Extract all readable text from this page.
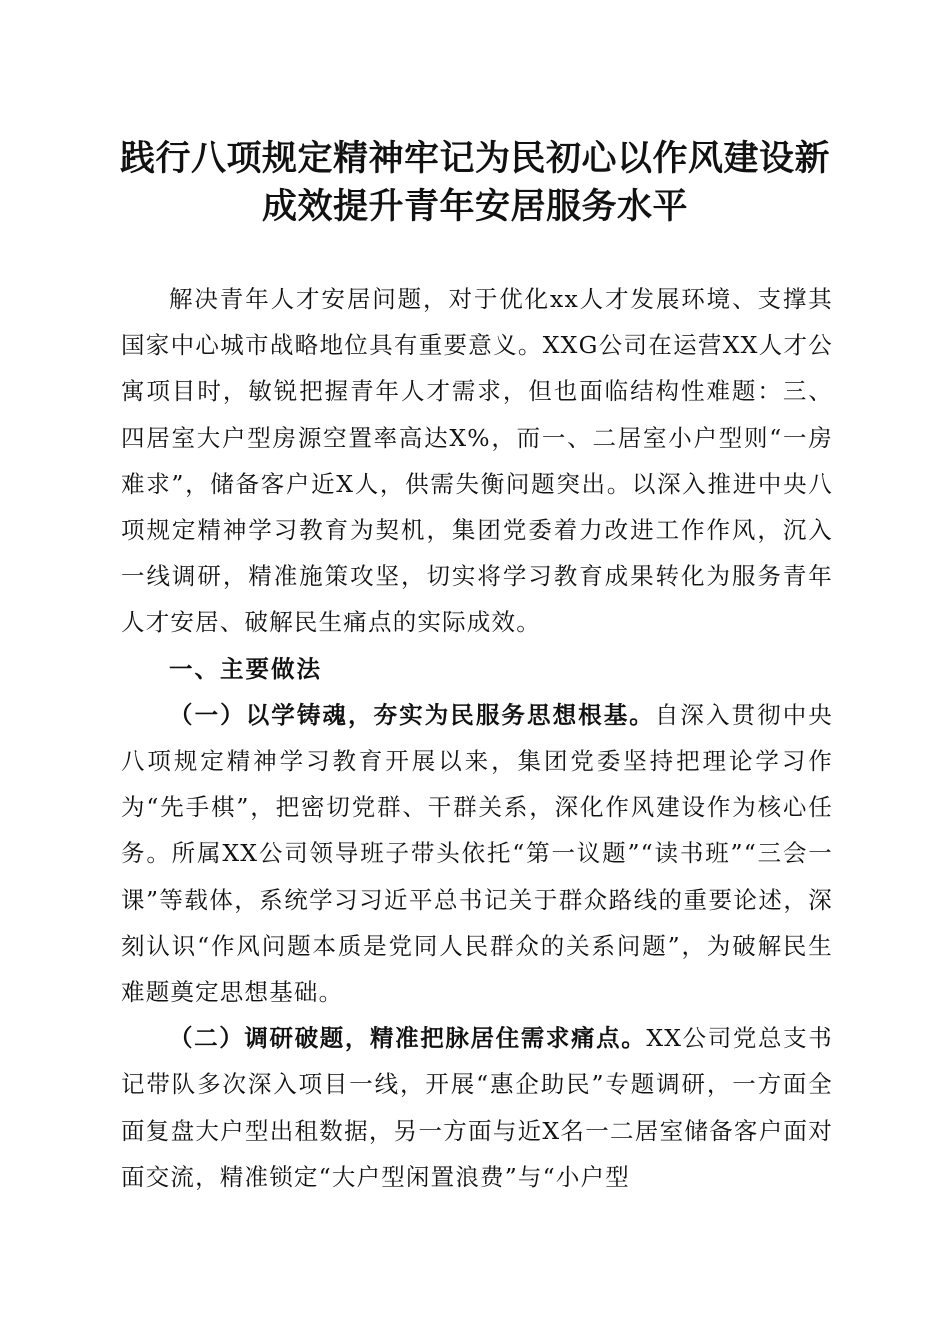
践行八项规定精神牢记为民初心以作风建设新
成效提升青年安居服务水平

解决青年人才安居问题，对于优化xx人才发展环境、支撑其国家中心城市战略地位具有重要意义。XXG公司在运营XX人才公寓项目时，敏锐把握青年人才需求，但也面临结构性难题：三、四居室大户型房源空置率高达X%，而一、二居室小户型则“一房难求”，储备客户近X人，供需失衡问题突出。以深入推进中央八项规定精神学习教育为契机，集团党委着力改进工作作风，沉入一线调研，精准施策攻坚，切实将学习教育成果转化为服务青年人才安居、破解民生痛点的实际成效。

一、主要做法

（一）以学铸魂，夯实为民服务思想根基。自深入贯彻中央八项规定精神学习教育开展以来，集团党委坚持把理论学习作为“先手棋”，把密切党群、干群关系，深化作风建设作为核心任务。所属XX公司领导班子带头依托“第一议题”“读书班”“三会一课”等载体，系统学习习近平总书记关于群众路线的重要论述，深刻认识“作风问题本质是党同人民群众的关系问题”，为破解民生难题奠定思想基础。

（二）调研破题，精准把脉居住需求痛点。XX公司党总支书记带队多次深入项目一线，开展“惠企助民”专题调研，一方面全面复盘大户型出租数据，另一方面与近X名一二居室储备客户面对面交流，精准锁定“大户型闲置浪费”与“小户型
